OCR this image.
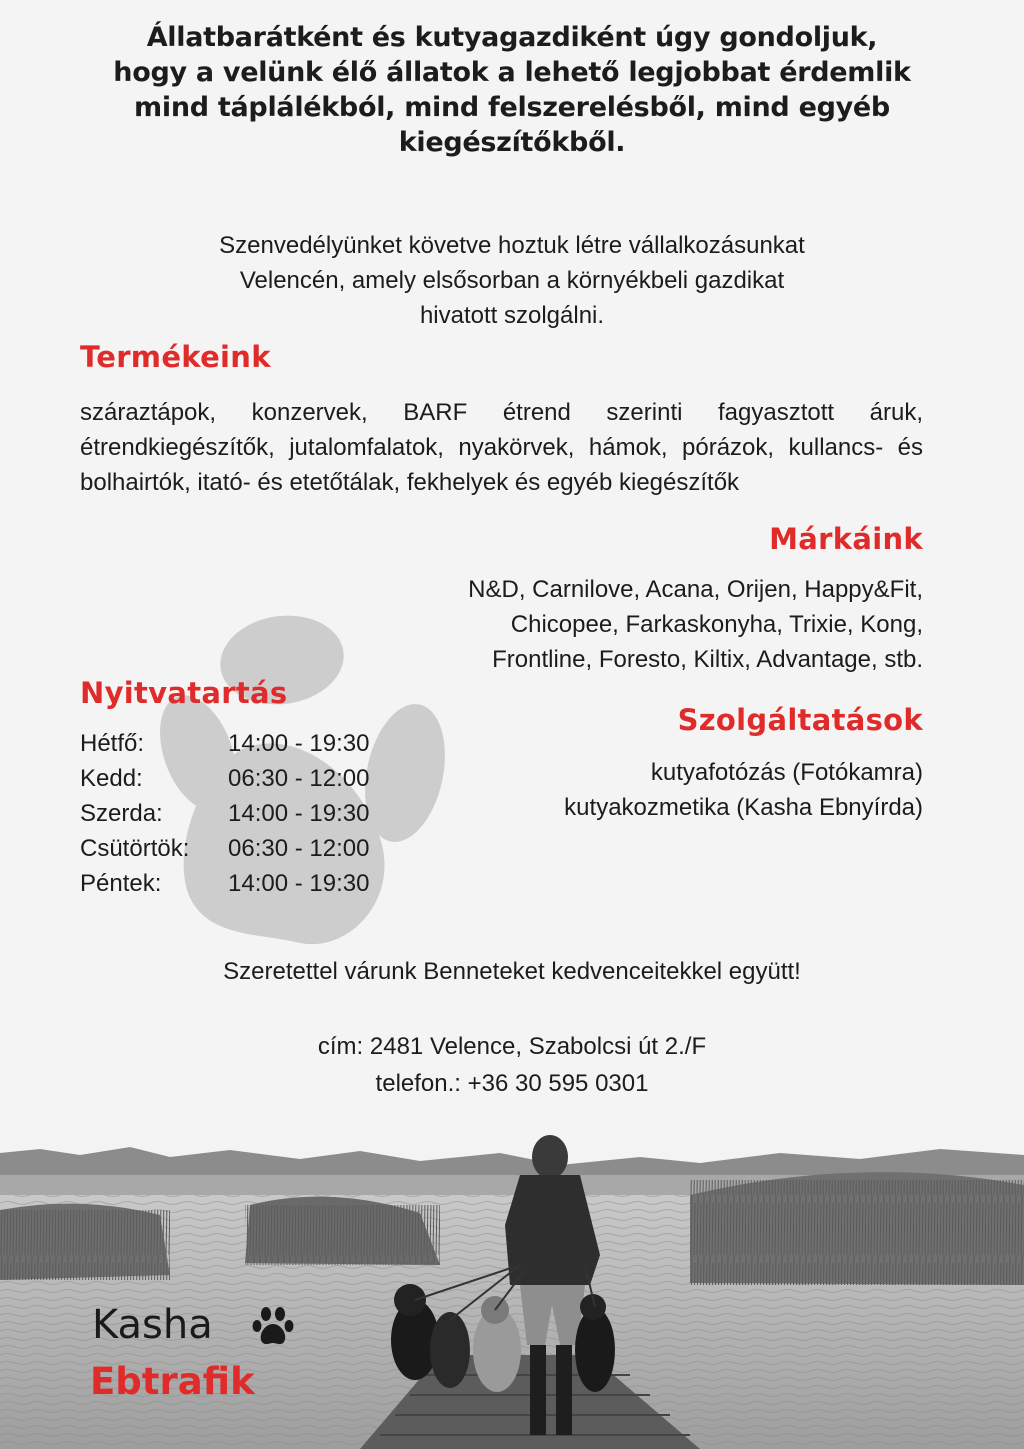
Állatbarátként és kutyagazdiként úgy gondoljuk,
hogy a velünk élő állatok a lehető legjobbat érdemlik
mind táplálékból, mind felszerelésből, mind egyéb
kiegészítőkből.
Szenvedélyünket követve hoztuk létre vállalkozásunkat
Velencén, amely elsősorban a környékbeli gazdikat
hivatott szolgálni.
Termékeink
száraztápok, konzervek, BARF étrend szerinti fagyasztott áruk, étrendkiegészítők, jutalomfalatok, nyakörvek, hámok, pórázok, kullancs- és bolhairtók, itató- és etetőtálak, fekhelyek és egyéb kiegészítők
Márkáink
N&D, Carnilove, Acana, Orijen, Happy&Fit,
Chicopee, Farkaskonyha, Trixie, Kong,
Frontline, Foresto, Kiltix, Advantage, stb.
Nyitvatartás
Hétfő:	14:00 - 19:30
Kedd:	06:30 - 12:00
Szerda:	14:00 - 19:30
Csütörtök:	06:30 - 12:00
Péntek:	14:00 - 19:30
Szolgáltatások
kutyafotózás (Fotókamra)
kutyakozmetika (Kasha Ebnyírda)
Szeretettel várunk Benneteket kedvenceitekkel együtt!
cím: 2481 Velence, Szabolcsi út 2./F
telefon.: +36 30 595 0301
Kasha
Ebtrafik
